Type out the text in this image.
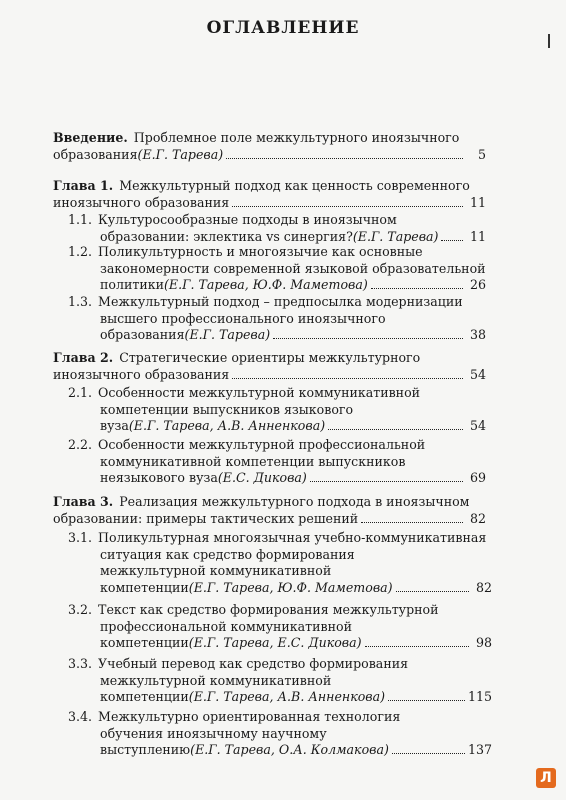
ОГЛАВЛЕНИЕ
Введение. Проблемное поле межкультурного иноязычного
образования (Е.Г. Тарева)	5
Глава 1. Межкультурный подход как ценность современного
иноязычного образования	11
1.1. Культуросообразные подходы в иноязычном
образовании: эклектика vs синергия? (Е.Г. Тарева)	11
1.2. Поликультурность и многоязычие как основные
закономерности современной языковой образовательной
политики (Е.Г. Тарева, Ю.Ф. Маметова)	26
1.3. Межкультурный подход – предпосылка модернизации
высшего профессионального иноязычного
образования (Е.Г. Тарева)	38
Глава 2. Стратегические ориентиры межкультурного
иноязычного образования	54
2.1. Особенности межкультурной коммуникативной
компетенции выпускников языкового
вуза (Е.Г. Тарева, А.В. Анненкова)	54
2.2. Особенности межкультурной профессиональной
коммуникативной компетенции выпускников
неязыкового вуза (Е.С. Дикова)	69
Глава 3. Реализация межкультурного подхода в иноязычном
образовании: примеры тактических решений	82
3.1. Поликультурная многоязычная учебно-коммуникативная
ситуация как средство формирования
межкультурной коммуникативной
компетенции (Е.Г. Тарева, Ю.Ф. Маметова)	82
3.2. Текст как средство формирования межкультурной
профессиональной коммуникативной
компетенции (Е.Г. Тарева, Е.С. Дикова)	98
3.3. Учебный перевод как средство формирования
межкультурной коммуникативной
компетенции (Е.Г. Тарева, А.В. Анненкова)	115
3.4. Межкультурно ориентированная технология
обучения иноязычному научному
выступлению (Е.Г. Тарева, О.А. Колмакова)	137
Л
